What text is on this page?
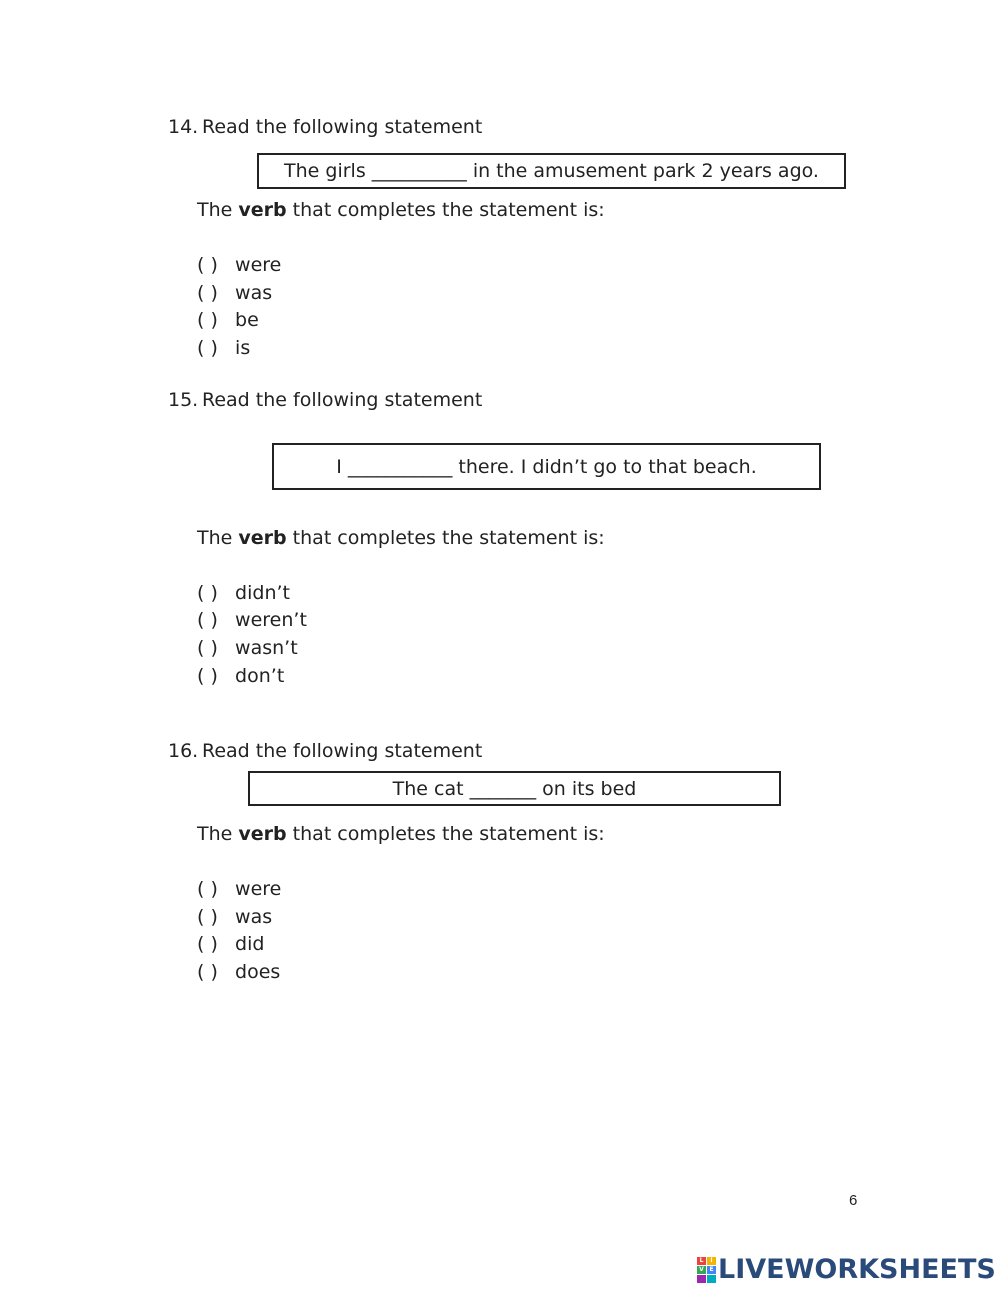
14. Read the following statement
The girls __________ in the amusement park 2 years ago.
The verb that completes the statement is:
( ) were
( ) was
( ) be
( ) is
15. Read the following statement
I ___________ there. I didn’t go to that beach.
The verb that completes the statement is:
( ) didn’t
( ) weren’t
( ) wasn’t
( ) don’t
16. Read the following statement
The cat _______ on its bed
The verb that completes the statement is:
( ) were
( ) was
( ) did
( ) does
6
L	I
V E LIVEWORKSHEETS
